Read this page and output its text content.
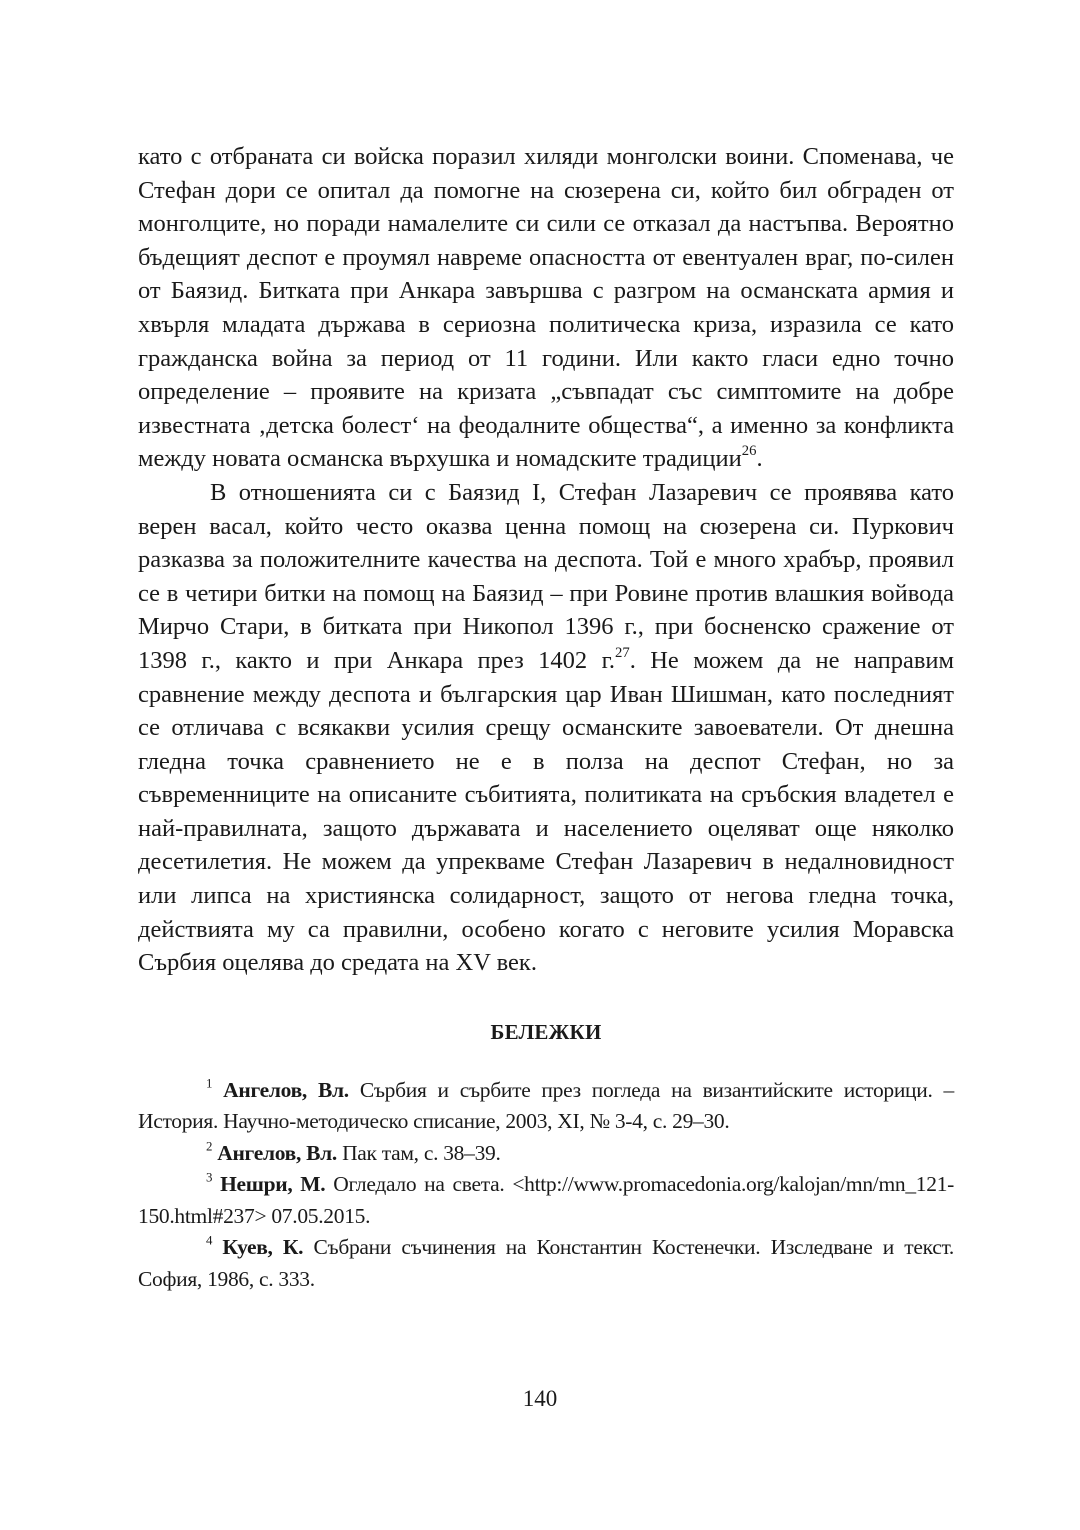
като с отбраната си войска поразил хиляди монголски воини. Споменава, че Стефан дори се опитал да помогне на сюзерена си, който бил обграден от монголците, но поради намалелите си сили се отказал да настъпва. Вероятно бъдещият деспот е проумял навреме опасността от евентуален враг, по-силен от Баязид. Битката при Анкара завършва с разгром на османската армия и хвърля младата държава в сериозна политическа криза, изразила се като гражданска война за период от 11 години. Или както гласи едно точно определение – проявите на кризата „съвпадат със симптомите на добре известната ‚детска болест‘ на феодалните общества“, а именно за конфликта между новата османска върхушка и номадските традиции$^{26}$.

В отношенията си с Баязид I, Стефан Лазаревич се проявява като верен васал, който често оказва ценна помощ на сюзерена си. Пуркович разказва за положителните качества на деспота. Той е много храбър, проявил се в четири битки на помощ на Баязид – при Ровине против влашкия войвода Мирчо Стари, в битката при Никопол 1396 г., при босненско сражение от 1398 г., както и при Анкара през 1402 г.$^{27}$. Не можем да не направим сравнение между деспота и българския цар Иван Шишман, като последният се отличава с всякакви усилия срещу османските завоеватели. От днешна гледна точка сравнението не е в полза на деспот Стефан, но за съвременниците на описаните събитията, политиката на сръбския владетел е най-правилната, защото държавата и населението оцеляват още няколко десетилетия. Не можем да упрекваме Стефан Лазаревич в недалновидност или липса на християнска солидарност, защото от негова гледна точка, действията му са правилни, особено когато с неговите усилия Моравска Сърбия оцелява до средата на XV век.

БЕЛЕЖКИ

$^1$ Ангелов, Вл. Сърбия и сърбите през погледа на византийските историци. – История. Научно-методическо списание, 2003, XI, № 3-4, с. 29–30.

$^2$ Ангелов, Вл. Пак там, с. 38–39.

$^3$ Нешри, М. Огледало на света. <http://www.promacedonia.org/kalojan/mn/mn_121-150.html#237> 07.05.2015.

$^4$ Куев, К. Събрани съчинения на Константин Костенечки. Изследване и текст. София, 1986, с. 333.

140
